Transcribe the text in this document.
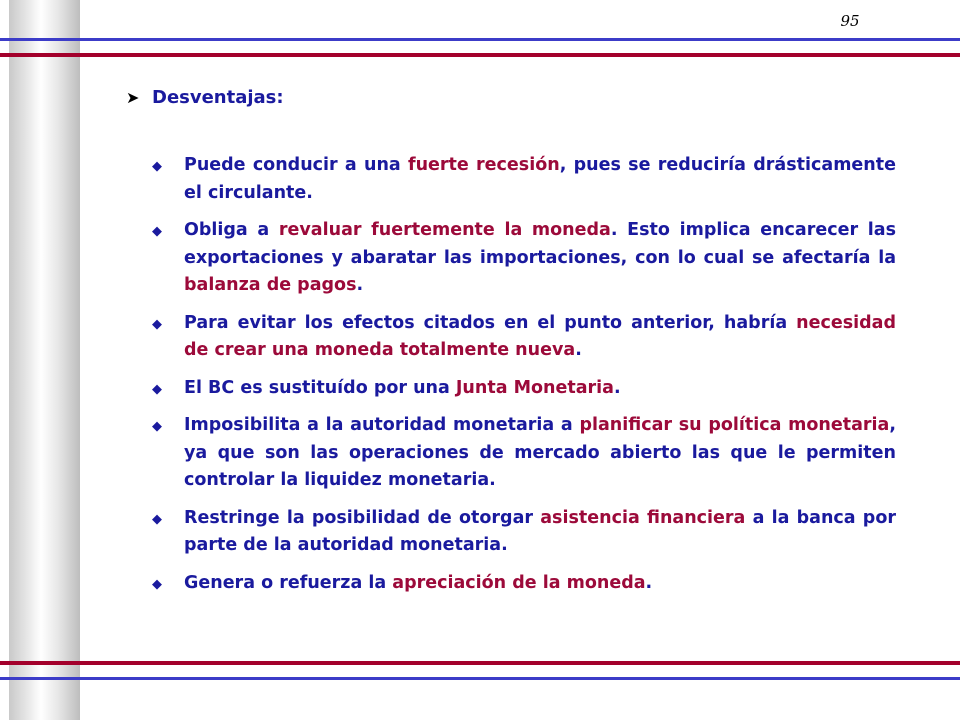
95
➤ Desventajas:
◆ Puede conducir a una fuerte recesión, pues se reduciría drásticamente el circulante.
◆ Obliga a revaluar fuertemente la moneda. Esto implica encarecer las exportaciones y abaratar las importaciones, con lo cual se afectaría la balanza de pagos.
◆ Para evitar los efectos citados en el punto anterior, habría necesidad de crear una moneda totalmente nueva.
◆ El BC es sustituído por una Junta Monetaria.
◆ Imposibilita a la autoridad monetaria a planificar su política monetaria, ya que son las operaciones de mercado abierto las que le permiten controlar la liquidez monetaria.
◆ Restringe la posibilidad de otorgar asistencia financiera a la banca por parte de la autoridad monetaria.
◆ Genera o refuerza la apreciación de la moneda.
